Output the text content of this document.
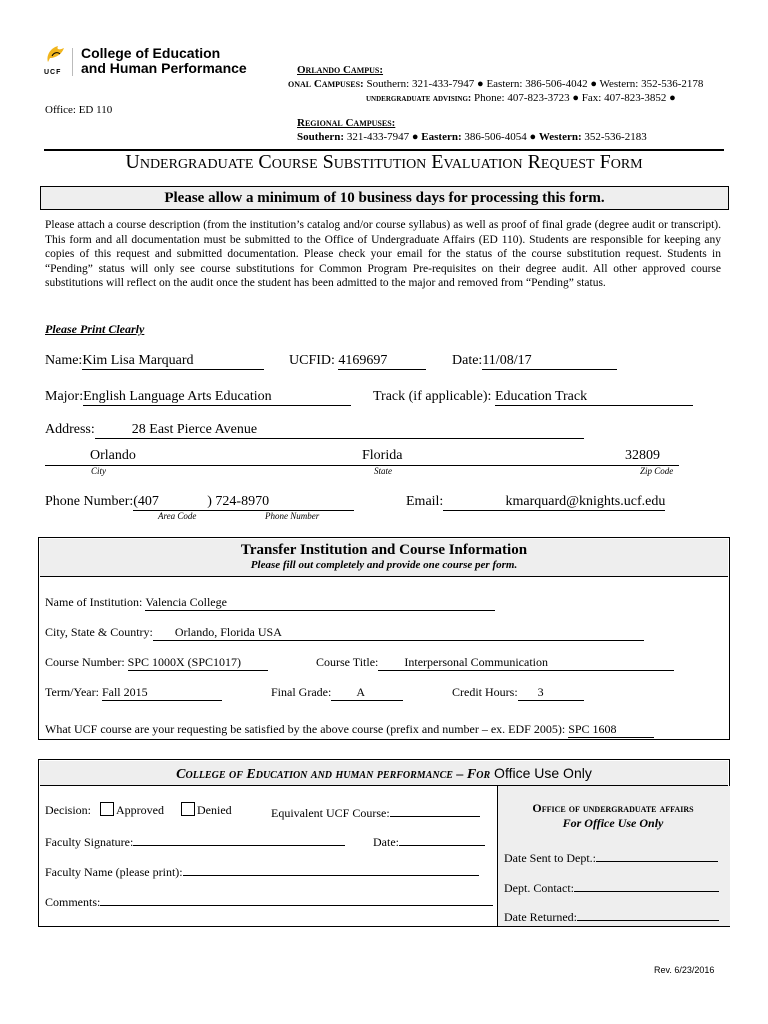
UCF
College of Education
and Human Performance
Office: ED 110
Orlando Campus:
onal Campuses: Southern: 321-433-7947 ● Eastern: 386-506-4042 ● Western: 352-536-2178
undergraduate advising: Phone: 407-823-3723 ● Fax: 407-823-3852 ●
Regional Campuses:
Southern: 321-433-7947 ● Eastern: 386-506-4054 ● Western: 352-536-2183
Undergraduate Course Substitution Evaluation Request Form
Please allow a minimum of 10 business days for processing this form.
Please attach a course description (from the institution’s catalog and/or course syllabus) as well as proof of final grade (degree audit or transcript). This form and all documentation must be submitted to the Office of Undergraduate Affairs (ED 110). Students are responsible for keeping any copies of this request and submitted documentation. Please check your email for the status of the course substitution request. Students in “Pending” status will only see course substitutions for Common Program Pre-requisites on their degree audit. All other approved course substitutions will reflect on the audit once the student has been admitted to the major and removed from “Pending” status.
Please Print Clearly
Name:Kim Lisa Marquard	UCFID: 4169697	Date:11/08/17
Major:English Language Arts Education	Track (if applicable): Education Track
Address:	28 East Pierce Avenue
Orlando	Florida	32809
City	State	Zip Code
Phone Number:(407	) 724-8970
Area Code	Phone Number
Email:	kmarquard@knights.ucf.edu
Transfer Institution and Course Information
Please fill out completely and provide one course per form.
Name of Institution: Valencia College
City, State & Country: Orlando, Florida USA
Course Number: SPC 1000X (SPC1017)	Course Title: Interpersonal Communication
Term/Year: Fall 2015	Final Grade: A	Credit Hours: 3
What UCF course are your requesting be satisfied by the above course (prefix and number – ex. EDF 2005): SPC 1608
College of Education and human performance – For Office Use Only
Decision: Approved	Denied	Equivalent UCF Course:
Faculty Signature:	Date:
Faculty Name (please print):
Comments:
Office of undergraduate affairs
For Office Use Only
Date Sent to Dept.:
Dept. Contact:
Date Returned:
Rev. 6/23/2016
